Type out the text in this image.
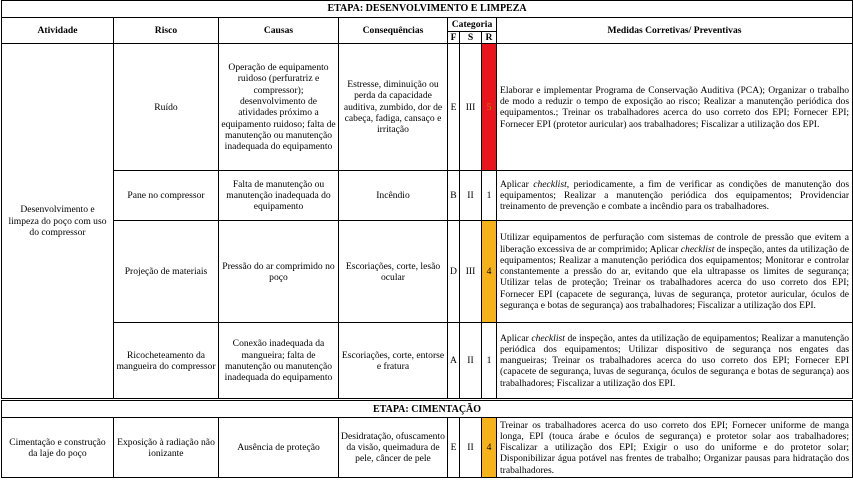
ETAPA: DESENVOLVIMENTO E LIMPEZA							
Atividade	Risco	Causas	Consequências	Categoria			Medidas Corretivas/ Preventivas
				F	S	R	
Desenvolvimento e limpeza do poço com uso do compressor	Ruído	Operação de equipamento ruidoso (perfuratriz e compressor); desenvolvimento de atividades próximo a equipamento ruidoso; falta de manutenção ou manutenção inadequada do equipamento	Estresse, diminuição ou perda da capacidade auditiva, zumbido, dor de cabeça, fadiga, cansaço e irritação	E	III	5	Elaborar e implementar Programa de Conservação Auditiva (PCA); Organizar o trabalho de modo a reduzir o tempo de exposição ao risco; Realizar a manutenção periódica dos equipamentos.; Treinar os trabalhadores acerca do uso correto dos EPI; Fornecer EPI; Fornecer EPI (protetor auricular) aos trabalhadores; Fiscalizar a utilização dos EPI.
	Pane no compressor	Falta de manutenção ou manutenção inadequada do equipamento	Incêndio	B	II	1	Aplicar checklist, periodicamente, a fim de verificar as condições de manutenção dos equipamentos; Realizar a manutenção periódica dos equipamentos; Providenciar treinamento de prevenção e combate a incêndio para os trabalhadores.
	Projeção de materiais	Pressão do ar comprimido no poço	Escoriações, corte, lesão ocular	D	III	4	Utilizar equipamentos de perfuração com sistemas de controle de pressão que evitem a liberação excessiva de ar comprimido; Aplicar checklist de inspeção, antes da utilização de equipamentos; Realizar a manutenção periódica dos equipamentos; Monitorar e controlar constantemente a pressão do ar, evitando que ela ultrapasse os limites de segurança; Utilizar telas de proteção; Treinar os trabalhadores acerca do uso correto dos EPI; Fornecer EPI (capacete de segurança, luvas de segurança, protetor auricular, óculos de segurança e botas de segurança) aos trabalhadores; Fiscalizar a utilização dos EPI.
	Ricocheteamento da mangueira do compressor	Conexão inadequada da mangueira; falta de manutenção ou manutenção inadequada do equipamento	Escoriações, corte, entorse e fratura	A	II	1	Aplicar checklist de inspeção, antes da utilização de equipamentos; Realizar a manutenção periódica dos equipamentos; Utilizar dispositivo de segurança nos engates das mangueiras; Treinar os trabalhadores acerca do uso correto dos EPI; Fornecer EPI (capacete de segurança, luvas de segurança, óculos de segurança e botas de segurança) aos trabalhadores; Fiscalizar a utilização dos EPI.
ETAPA: CIMENTAÇÃO							
Cimentação e construção da laje do poço	Exposição à radiação não ionizante	Ausência de proteção	Desidratação, ofuscamento da visão, queimadura de pele, câncer de pele	E	II	4	Treinar os trabalhadores acerca do uso correto dos EPI; Fornecer uniforme de manga longa, EPI (touca árabe e óculos de segurança) e protetor solar aos trabalhadores; Fiscalizar a utilização dos EPI; Exigir o uso do uniforme e do protetor solar; Disponibilizar água potável nas frentes de trabalho; Organizar pausas para hidratação dos trabalhadores.
